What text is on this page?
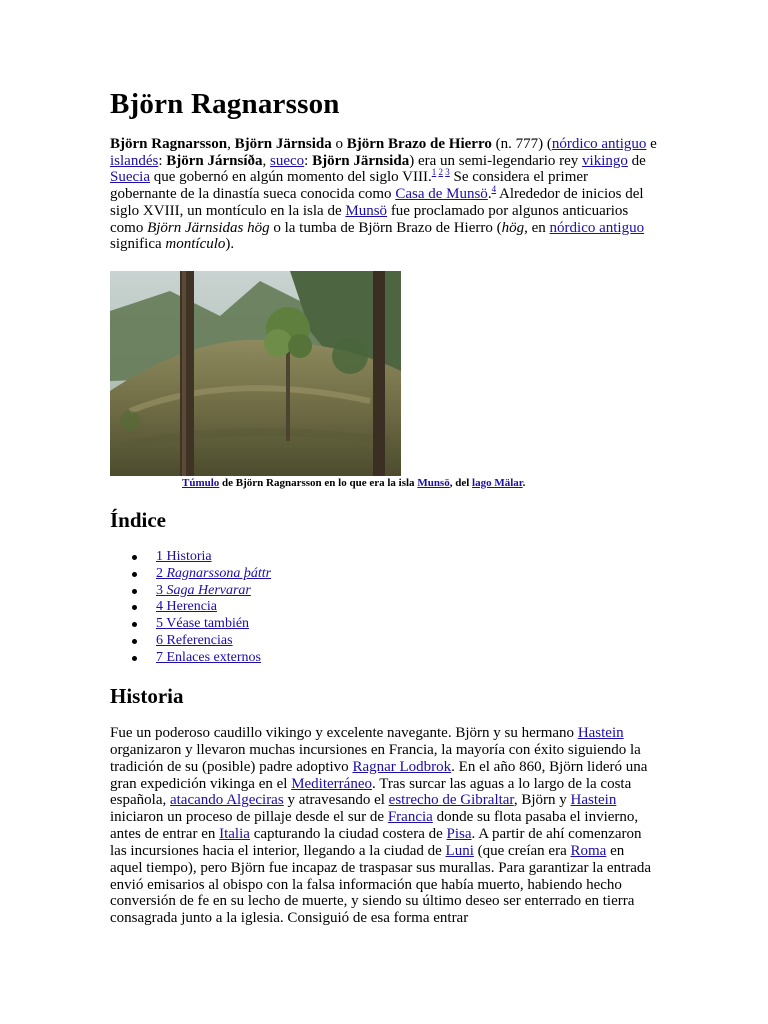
Björn Ragnarsson

Björn Ragnarsson, Björn Järnsida o Björn Brazo de Hierro (n. 777) (nórdico antiguo e islandés: Björn Járnsíða, sueco: Björn Järnsida) era un semi-legendario rey vikingo de Suecia que gobernó en algún momento del siglo VIII.$^{1 2 3}$ Se considera el primer gobernante de la dinastía sueca conocida como Casa de Munsö.$^4$ Alrededor de inicios del siglo XVIII, un montículo en la isla de Munsö fue proclamado por algunos anticuarios como Björn Järnsidas hög o la tumba de Björn Brazo de Hierro (hög, en nórdico antiguo significa montículo).

Túmulo de Björn Ragnarsson en lo que era la isla Munsö, del lago Mälar.

Índice
1 Historia
2 Ragnarssona þáttr
3 Saga Hervarar
4 Herencia
5 Véase también
6 Referencias
7 Enlaces externos
Historia

Fue un poderoso caudillo vikingo y excelente navegante. Björn y su hermano Hastein organizaron y llevaron muchas incursiones en Francia, la mayoría con éxito siguiendo la tradición de su (posible) padre adoptivo Ragnar Lodbrok. En el año 860, Björn lideró una gran expedición vikinga en el Mediterráneo. Tras surcar las aguas a lo largo de la costa española, atacando Algeciras y atravesando el estrecho de Gibraltar, Björn y Hastein iniciaron un proceso de pillaje desde el sur de Francia donde su flota pasaba el invierno, antes de entrar en Italia capturando la ciudad costera de Pisa. A partir de ahí comenzaron las incursiones hacia el interior, llegando a la ciudad de Luni (que creían era Roma en aquel tiempo), pero Björn fue incapaz de traspasar sus murallas. Para garantizar la entrada envió emisarios al obispo con la falsa información que había muerto, habiendo hecho conversión de fe en su lecho de muerte, y siendo su último deseo ser enterrado en tierra consagrada junto a la iglesia. Consiguió de esa forma entrar
